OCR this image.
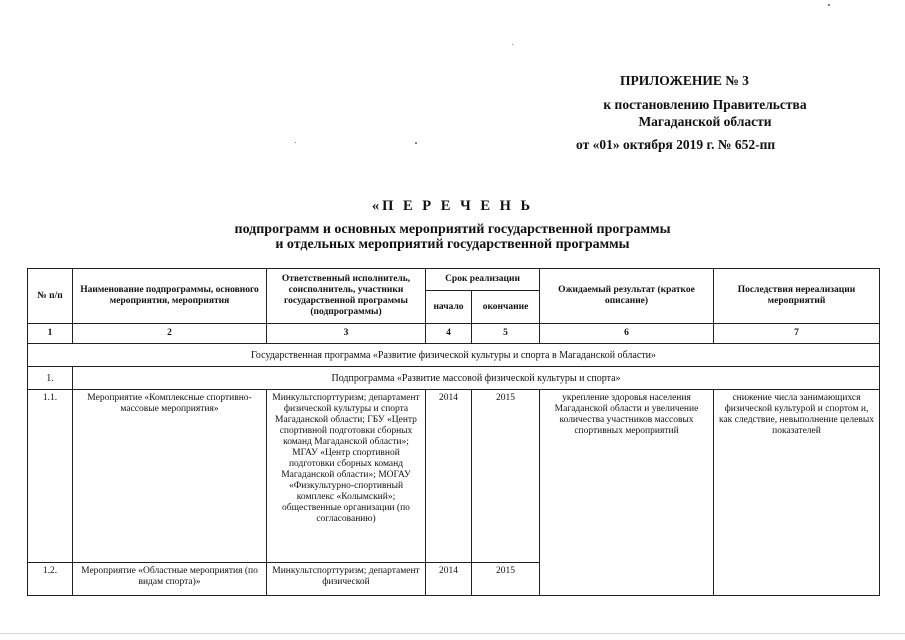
ПРИЛОЖЕНИЕ № 3
к постановлению Правительства
Магаданской области
от «01» октября 2019 г. № 652-пп
«П Е Р Е Ч Е Н Ь
подпрограмм и основных мероприятий государственной программы
и отдельных мероприятий государственной программы
№ п/п	Наименование подпрограммы, основного мероприятия, мероприятия	Ответственный исполнитель, соисполнитель, участники государственной программы (подпрограммы)	Срок реализации		Ожидаемый результат (краткое описание)	Последствия нереализации мероприятий
			начало	окончание		
1	2	3	4	5	6	7
Государственная программа «Развитие физической культуры и спорта в Магаданской области»						
1.	Подпрограмма «Развитие массовой физической культуры и спорта»					
1.1.	Мероприятие «Комплексные спортивно-массовые мероприятия»	Минкультспорттуризм; департамент физической культуры и спорта Магаданской области; ГБУ «Центр спортивной подготовки сборных команд Магаданской области»; МГАУ «Центр спортивной подготовки сборных команд Магаданской области»; МОГАУ «Физкультурно-спортивный комплекс «Колымский»; общественные организации (по согласованию)	2014	2015	укрепление здоровья населения Магаданской области и увеличение количества участников массовых спортивных мероприятий	снижение числа занимающихся физической культурой и спортом и, как следствие, невыполнение целевых показателей
1.2.	Мероприятие «Областные мероприятия (по видам спорта)»	Минкультспорттуризм; департамент физической	2014	2015		
